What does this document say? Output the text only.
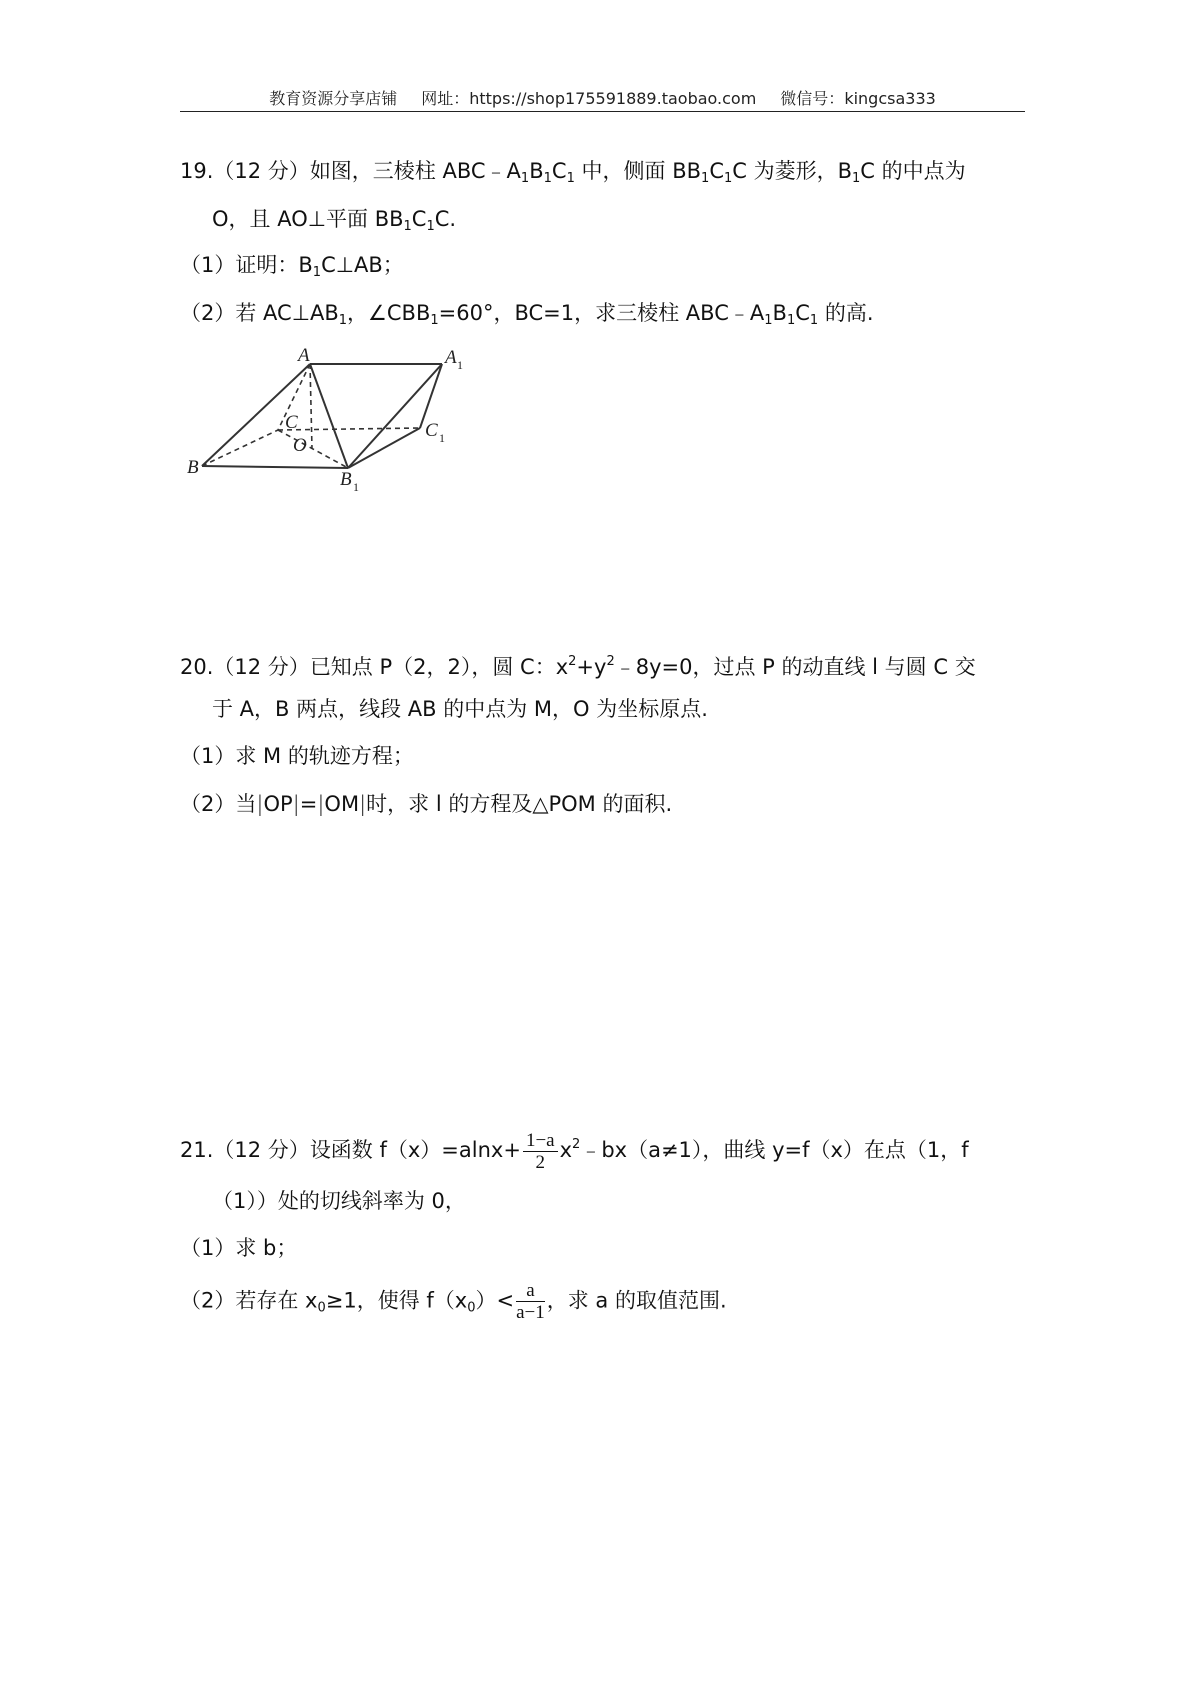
教育资源分享店铺 网址：https://shop175591889.taobao.com 微信号：kingcsa333
19.（12 分）如图，三棱柱 $ABC﹣A_1B_1C_1$ 中，侧面 $BB_1C_1C$ 为菱形，$B_1C$ 的中点为
O，且 AO⊥平面 $BB_1C_1C$.
（1）证明：$B_1C\perp AB$；
（2）若 $AC\perp AB_1$，$\angle CBB_1=60^\circ$，BC=1，求三棱柱 $ABC﹣A_1B_1C_1$ 的高.
A	A 1
C	C 1
O
B
B 1
20.（12 分）已知点 P（2，2），圆 C：$x^2+y^2﹣8y=0$，过点 P 的动直线 l 与圆 C 交
于 A，B 两点，线段 AB 的中点为 M，O 为坐标原点.
（1）求 M 的轨迹方程；
（2）当|OP|=|OM|时，求 l 的方程及△POM 的面积.
21.（12 分）设函数 $f(x)=alnx+ \frac{1-a}{2}$ $x^2﹣bx(a\ne 1)$，曲线 y=f（x）在点（1，f
（1））处的切线斜率为 0，
（1）求 b；
（2）若存在 $x_0\ge 1$，使得 $f(x_0)< \frac{a}{a-1}$ ，求 a 的取值范围.
